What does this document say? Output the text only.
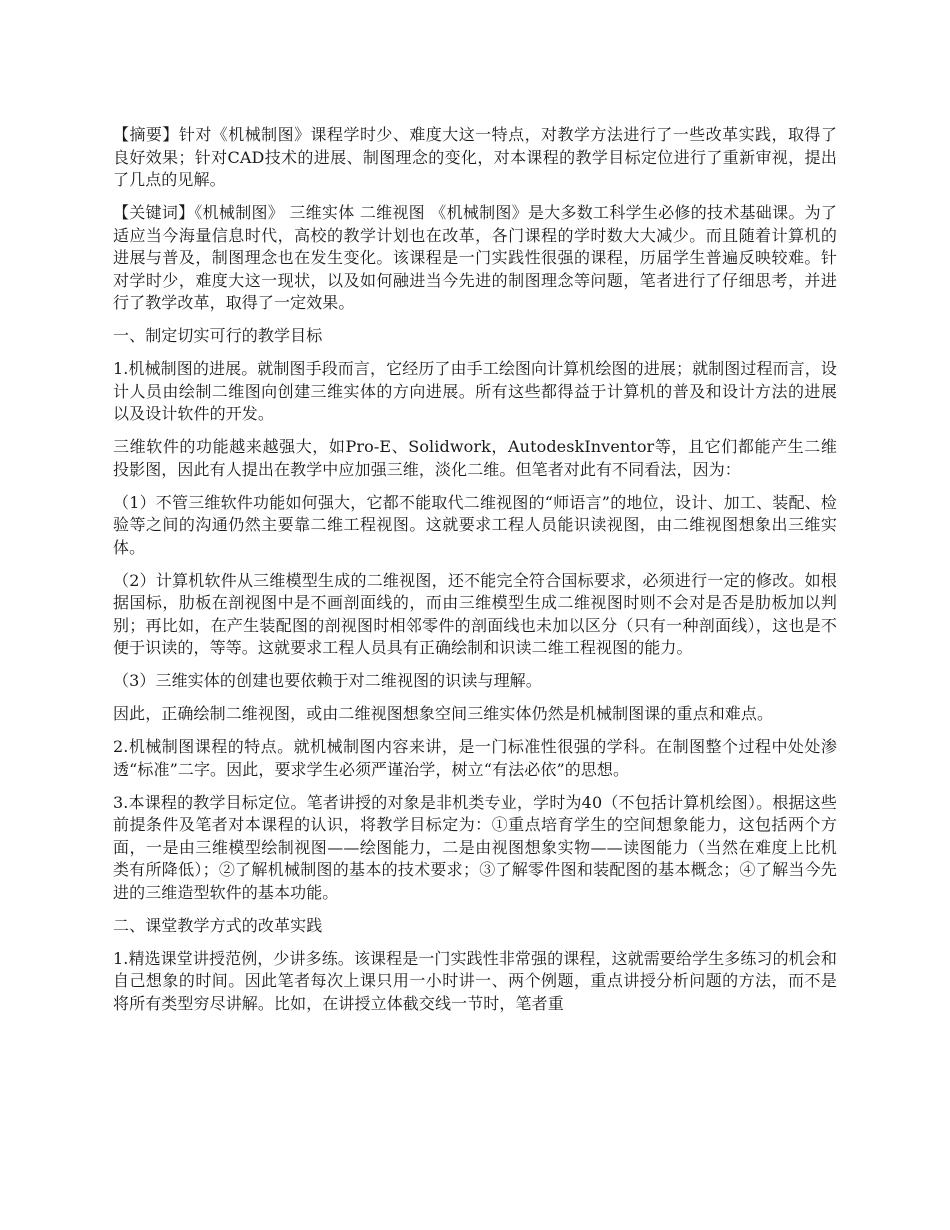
【摘要】针对《机械制图》课程学时少、难度大这一特点，对教学方法进行了一些改革实践，取得了良好效果；针对CAD技术的进展、制图理念的变化，对本课程的教学目标定位进行了重新审视，提出了几点的见解。

【关键词】《机械制图》 三维实体 二维视图 《机械制图》是大多数工科学生必修的技术基础课。为了适应当今海量信息时代，高校的教学计划也在改革，各门课程的学时数大大减少。而且随着计算机的进展与普及，制图理念也在发生变化。该课程是一门实践性很强的课程，历届学生普遍反映较难。针对学时少，难度大这一现状，以及如何融进当今先进的制图理念等问题，笔者进行了仔细思考，并进行了教学改革，取得了一定效果。

一、制定切实可行的教学目标

1.机械制图的进展。就制图手段而言，它经历了由手工绘图向计算机绘图的进展；就制图过程而言，设计人员由绘制二维图向创建三维实体的方向进展。所有这些都得益于计算机的普及和设计方法的进展以及设计软件的开发。

三维软件的功能越来越强大，如Pro-E、Solidwork，AutodeskInventor等，且它们都能产生二维投影图，因此有人提出在教学中应加强三维，淡化二维。但笔者对此有不同看法，因为：

（1）不管三维软件功能如何强大，它都不能取代二维视图的“师语言”的地位，设计、加工、装配、检验等之间的沟通仍然主要靠二维工程视图。这就要求工程人员能识读视图，由二维视图想象出三维实体。

（2）计算机软件从三维模型生成的二维视图，还不能完全符合国标要求，必须进行一定的修改。如根据国标，肋板在剖视图中是不画剖面线的，而由三维模型生成二维视图时则不会对是否是肋板加以判别；再比如，在产生装配图的剖视图时相邻零件的剖面线也未加以区分（只有一种剖面线），这也是不便于识读的，等等。这就要求工程人员具有正确绘制和识读二维工程视图的能力。

（3）三维实体的创建也要依赖于对二维视图的识读与理解。

因此，正确绘制二维视图，或由二维视图想象空间三维实体仍然是机械制图课的重点和难点。

2.机械制图课程的特点。就机械制图内容来讲，是一门标准性很强的学科。在制图整个过程中处处渗透“标准”二字。因此，要求学生必须严谨治学，树立“有法必依”的思想。

3.本课程的教学目标定位。笔者讲授的对象是非机类专业，学时为40（不包括计算机绘图）。根据这些前提条件及笔者对本课程的认识，将教学目标定为：①重点培育学生的空间想象能力，这包括两个方面，一是由三维模型绘制视图——绘图能力，二是由视图想象实物——读图能力（当然在难度上比机类有所降低）；②了解机械制图的基本的技术要求；③了解零件图和装配图的基本概念；④了解当今先进的三维造型软件的基本功能。

二、课堂教学方式的改革实践

1.精选课堂讲授范例，少讲多练。该课程是一门实践性非常强的课程，这就需要给学生多练习的机会和自己想象的时间。因此笔者每次上课只用一小时讲一、两个例题，重点讲授分析问题的方法，而不是将所有类型穷尽讲解。比如，在讲授立体截交线一节时，笔者重
